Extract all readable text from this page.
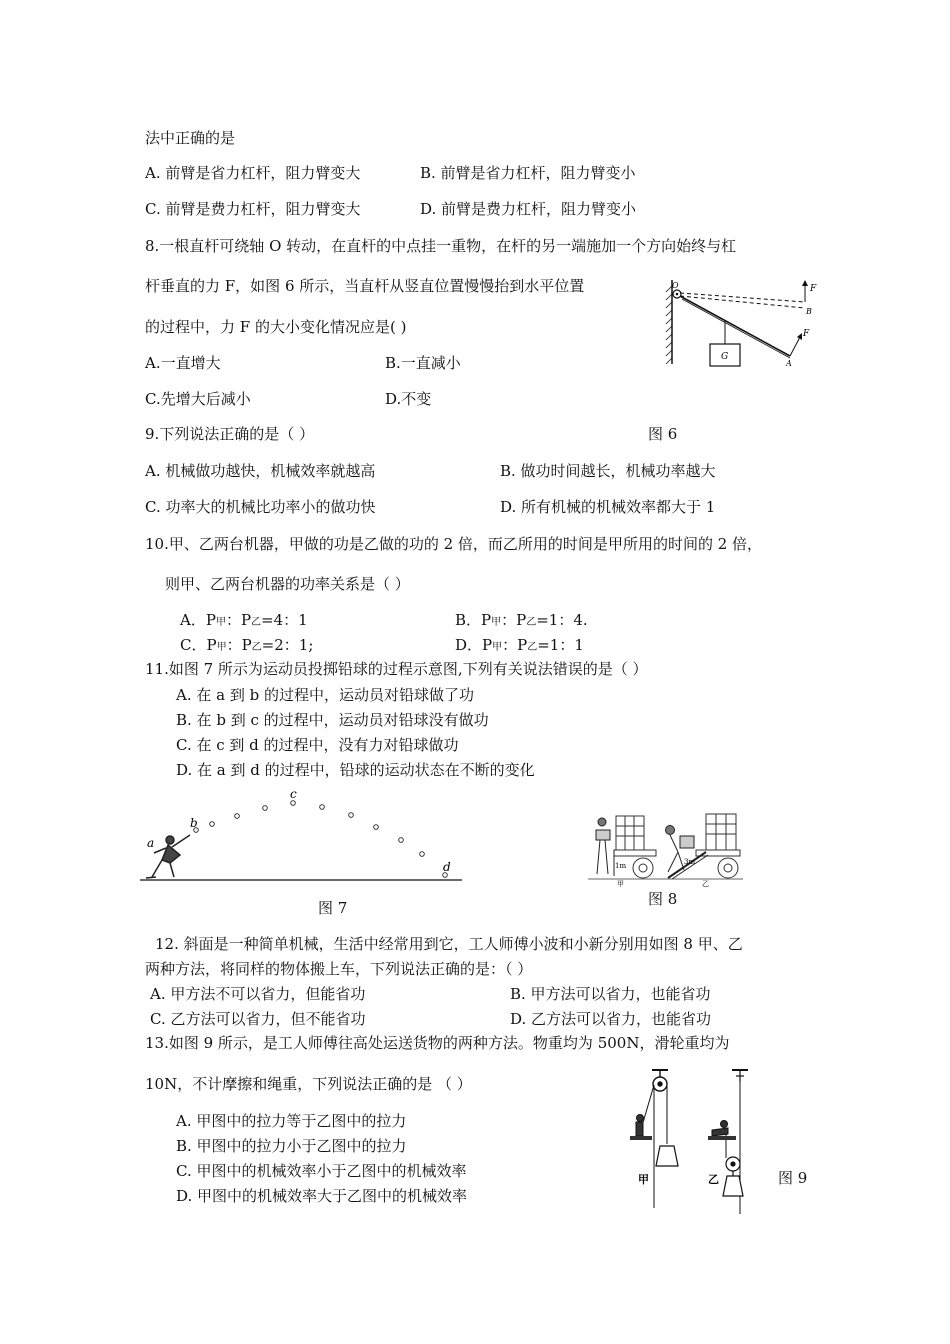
法中正确的是
A. 前臂是省力杠杆，阻力臂变大	B. 前臂是省力杠杆，阻力臂变小
C. 前臂是费力杠杆，阻力臂变大	D. 前臂是费力杠杆，阻力臂变小
8.一根直杆可绕轴 O 转动，在直杆的中点挂一重物，在杆的另一端施加一个方向始终与杠
杆垂直的力 F，如图 6 所示，当直杆从竖直位置慢慢抬到水平位置
的过程中，力 F 的大小变化情况应是( )
A.一直增大	B.一直减小
C.先增大后减小	D.不变
O	F
F
B
A
G
图 6
9.下列说法正确的是（ ）
A. 机械做功越快，机械效率就越高	B. 做功时间越长，机械功率越大
C. 功率大的机械比功率小的做功快	D. 所有机械的机械效率都大于 1
10.甲、乙两台机器，甲做的功是乙做的功的 2 倍，而乙所用的时间是甲所用的时间的 2 倍，
则甲、乙两台机器的功率关系是（ ）
A．P甲：P乙=4：1	B．P甲：P乙=1：4.
C．P甲：P乙=2：1;	D．P甲：P乙=1：1
11.如图 7 所示为运动员投掷铅球的过程示意图,下列有关说法错误的是（ ）
A. 在 a 到 b 的过程中，运动员对铅球做了功
B. 在 b 到 c 的过程中，运动员对铅球没有做功
C. 在 c 到 d 的过程中，没有力对铅球做功
D. 在 a 到 d 的过程中，铅球的运动状态在不断的变化
a
b
c
d
图 7
1m	3m
甲	乙
图 8
12. 斜面是一种简单机械，生活中经常用到它，工人师傅小波和小新分别用如图 8 甲、乙
两种方法，将同样的物体搬上车，下列说法正确的是：（ ）
A. 甲方法不可以省力，但能省功	B. 甲方法可以省力，也能省功
C. 乙方法可以省力，但不能省功	D. 乙方法可以省力，也能省功
13.如图 9 所示，是工人师傅往高处运送货物的两种方法。物重均为 500N，滑轮重均为
10N，不计摩擦和绳重，下列说法正确的是 （ ）
A. 甲图中的拉力等于乙图中的拉力
B. 甲图中的拉力小于乙图中的拉力
C. 甲图中的机械效率小于乙图中的机械效率
D. 甲图中的机械效率大于乙图中的机械效率
甲	乙	图 9
